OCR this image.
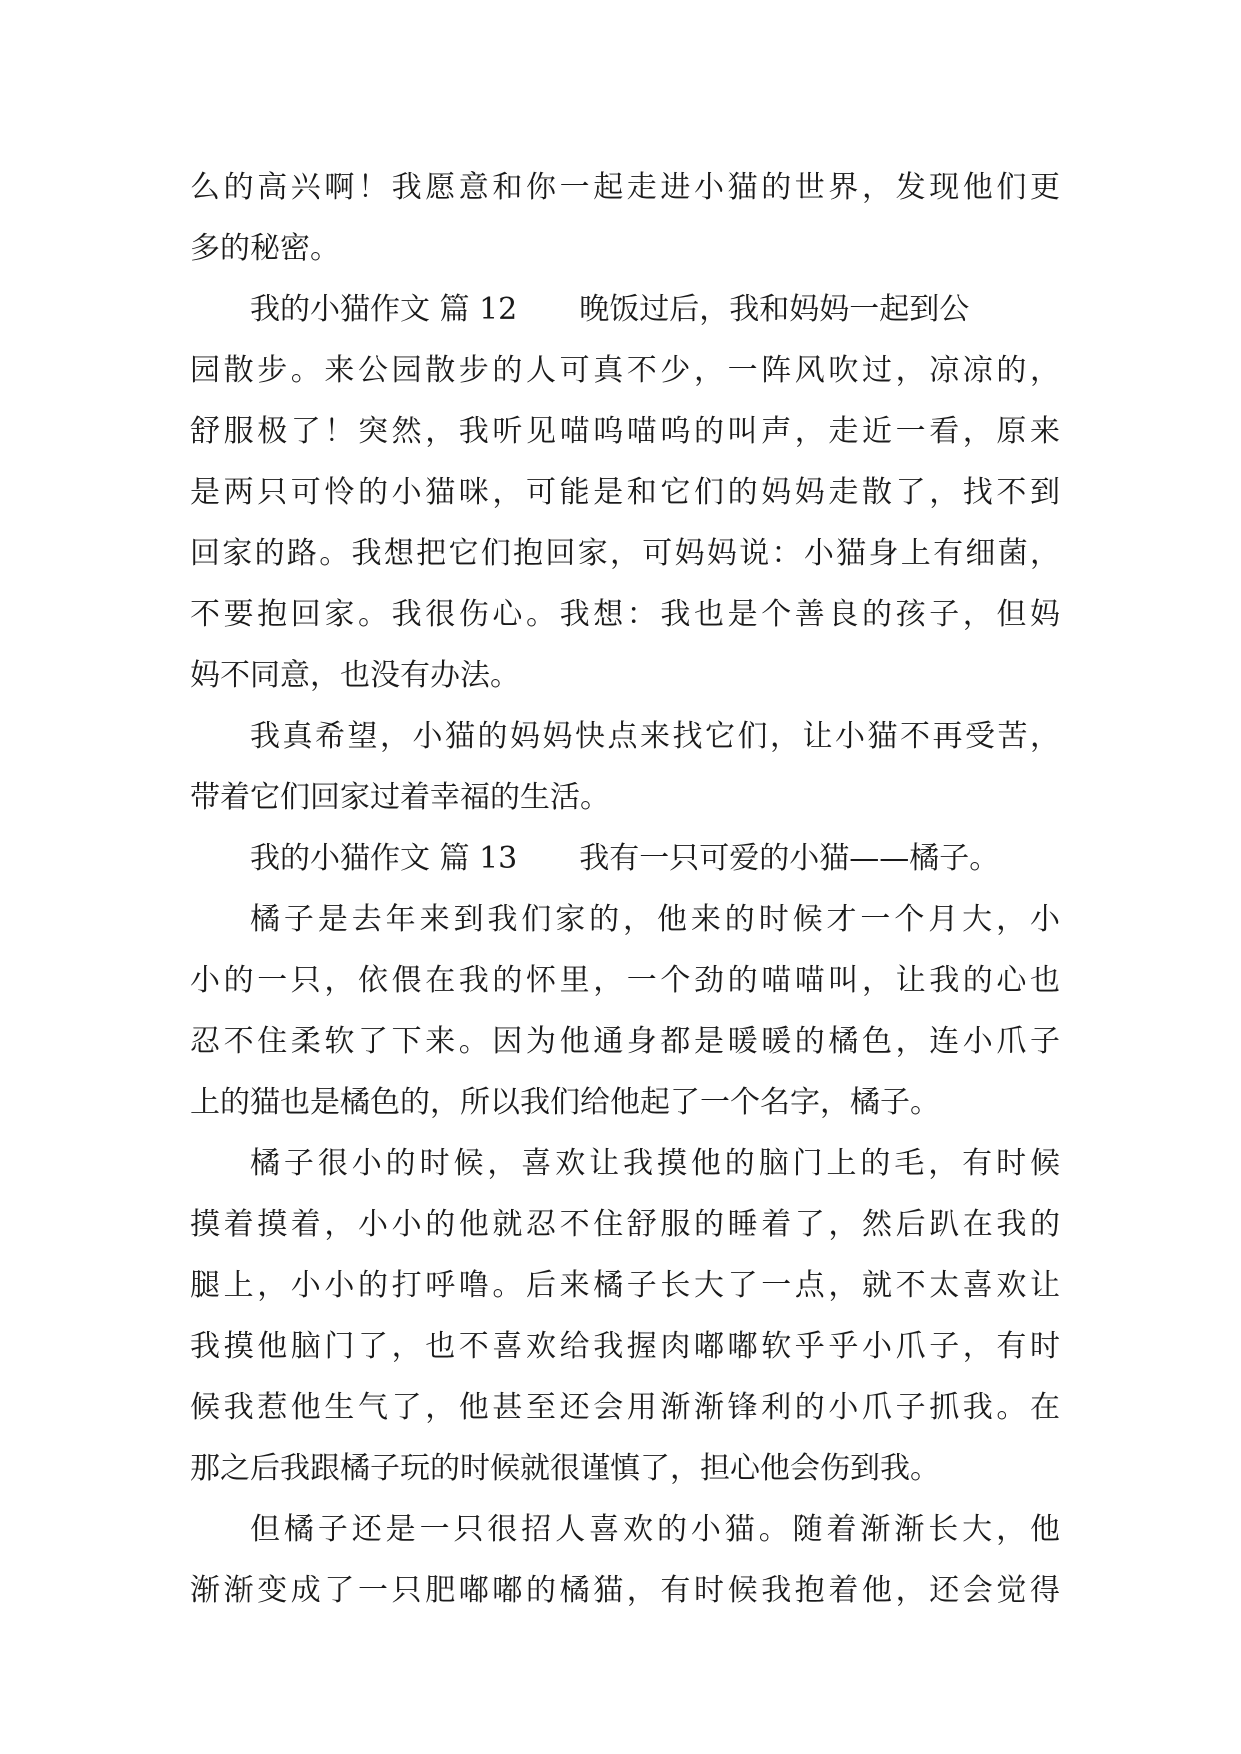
么的高兴啊！我愿意和你一起走进小猫的世界，发现他们更
多的秘密。
我的小猫作文 篇 12 晚饭过后，我和妈妈一起到公
园散步。来公园散步的人可真不少，一阵风吹过，凉凉的，
舒服极了！突然，我听见喵呜喵呜的叫声，走近一看，原来
是两只可怜的小猫咪，可能是和它们的妈妈走散了，找不到
回家的路。我想把它们抱回家，可妈妈说：小猫身上有细菌，
不要抱回家。我很伤心。我想：我也是个善良的孩子，但妈
妈不同意，也没有办法。
我真希望，小猫的妈妈快点来找它们，让小猫不再受苦，
带着它们回家过着幸福的生活。
我的小猫作文 篇 13 我有一只可爱的小猫——橘子。
橘子是去年来到我们家的，他来的时候才一个月大，小
小的一只，依偎在我的怀里，一个劲的喵喵叫，让我的心也
忍不住柔软了下来。因为他通身都是暖暖的橘色，连小爪子
上的猫也是橘色的，所以我们给他起了一个名字，橘子。
橘子很小的时候，喜欢让我摸他的脑门上的毛，有时候
摸着摸着，小小的他就忍不住舒服的睡着了，然后趴在我的
腿上，小小的打呼噜。后来橘子长大了一点，就不太喜欢让
我摸他脑门了，也不喜欢给我握肉嘟嘟软乎乎小爪子，有时
候我惹他生气了，他甚至还会用渐渐锋利的小爪子抓我。在
那之后我跟橘子玩的时候就很谨慎了，担心他会伤到我。
但橘子还是一只很招人喜欢的小猫。随着渐渐长大，他
渐渐变成了一只肥嘟嘟的橘猫，有时候我抱着他，还会觉得
